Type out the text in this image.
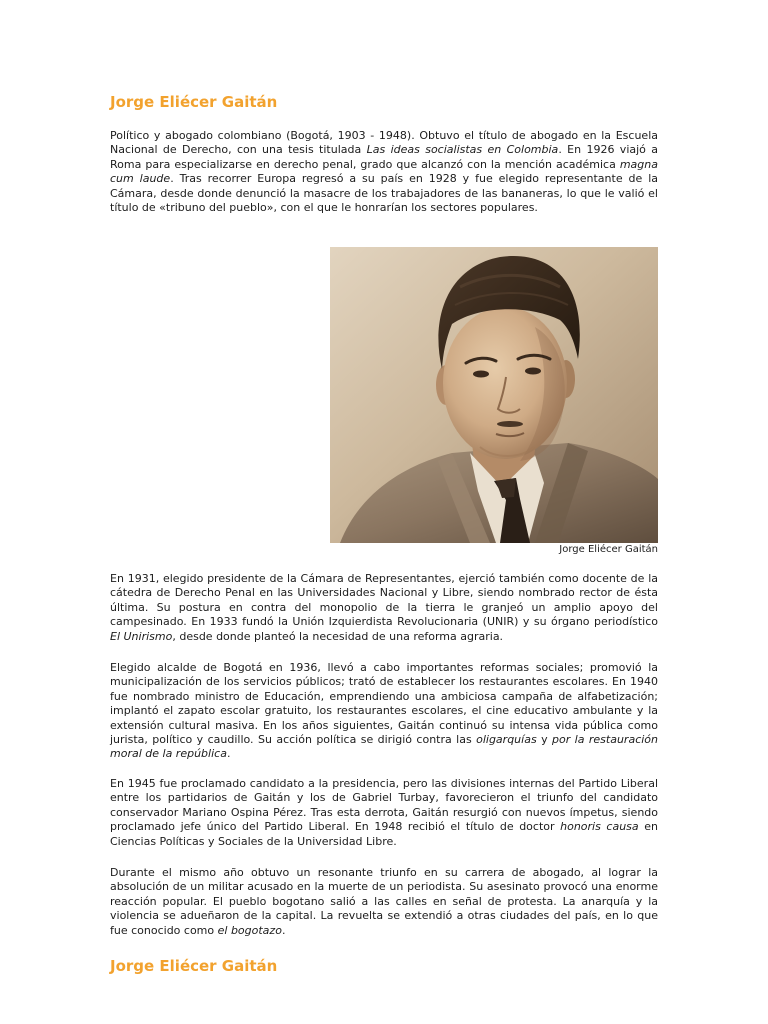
Jorge Eliécer Gaitán

Político y abogado colombiano (Bogotá, 1903 - 1948). Obtuvo el título de abogado en la Escuela Nacional de Derecho, con una tesis titulada Las ideas socialistas en Colombia. En 1926 viajó a Roma para especializarse en derecho penal, grado que alcanzó con la mención académica magna cum laude. Tras recorrer Europa regresó a su país en 1928 y fue elegido representante de la Cámara, desde donde denunció la masacre de los trabajadores de las bananeras, lo que le valió el título de «tribuno del pueblo», con el que le honrarían los sectores populares.

Jorge Eliécer Gaitán

En 1931, elegido presidente de la Cámara de Representantes, ejerció también como docente de la cátedra de Derecho Penal en las Universidades Nacional y Libre, siendo nombrado rector de ésta última. Su postura en contra del monopolio de la tierra le granjeó un amplio apoyo del campesinado. En 1933 fundó la Unión Izquierdista Revolucionaria (UNIR) y su órgano periodístico El Unirismo, desde donde planteó la necesidad de una reforma agraria.

Elegido alcalde de Bogotá en 1936, llevó a cabo importantes reformas sociales; promovió la municipalización de los servicios públicos; trató de establecer los restaurantes escolares. En 1940 fue nombrado ministro de Educación, emprendiendo una ambiciosa campaña de alfabetización; implantó el zapato escolar gratuito, los restaurantes escolares, el cine educativo ambulante y la extensión cultural masiva. En los años siguientes, Gaitán continuó su intensa vida pública como jurista, político y caudillo. Su acción política se dirigió contra las oligarquías y por la restauración moral de la república.

En 1945 fue proclamado candidato a la presidencia, pero las divisiones internas del Partido Liberal entre los partidarios de Gaitán y los de Gabriel Turbay, favorecieron el triunfo del candidato conservador Mariano Ospina Pérez. Tras esta derrota, Gaitán resurgió con nuevos ímpetus, siendo proclamado jefe único del Partido Liberal. En 1948 recibió el título de doctor honoris causa en Ciencias Políticas y Sociales de la Universidad Libre.

Durante el mismo año obtuvo un resonante triunfo en su carrera de abogado, al lograr la absolución de un militar acusado en la muerte de un periodista. Su asesinato provocó una enorme reacción popular. El pueblo bogotano salió a las calles en señal de protesta. La anarquía y la violencia se adueñaron de la capital. La revuelta se extendió a otras ciudades del país, en lo que fue conocido como el bogotazo.

Jorge Eliécer Gaitán
